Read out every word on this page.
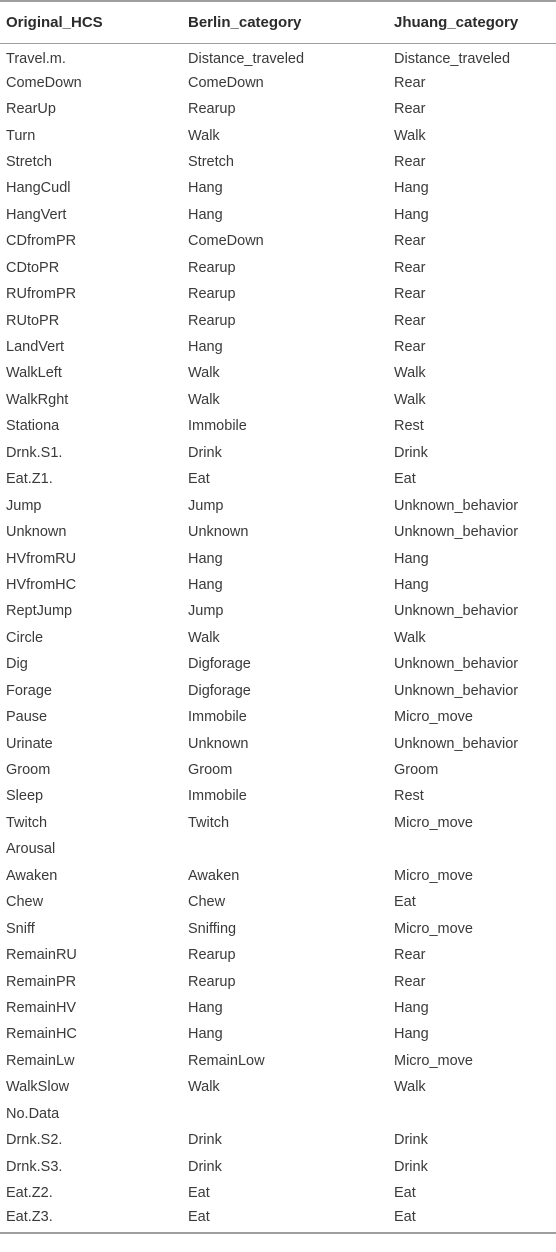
Original_HCS	Berlin_category	Jhuang_category
Travel.m.	Distance_traveled	Distance_traveled
ComeDown	ComeDown	Rear
RearUp	Rearup	Rear
Turn	Walk	Walk
Stretch	Stretch	Rear
HangCudl	Hang	Hang
HangVert	Hang	Hang
CDfromPR	ComeDown	Rear
CDtoPR	Rearup	Rear
RUfromPR	Rearup	Rear
RUtoPR	Rearup	Rear
LandVert	Hang	Rear
WalkLeft	Walk	Walk
WalkRght	Walk	Walk
Stationa	Immobile	Rest
Drnk.S1.	Drink	Drink
Eat.Z1.	Eat	Eat
Jump	Jump	Unknown_behavior
Unknown	Unknown	Unknown_behavior
HVfromRU	Hang	Hang
HVfromHC	Hang	Hang
ReptJump	Jump	Unknown_behavior
Circle	Walk	Walk
Dig	Digforage	Unknown_behavior
Forage	Digforage	Unknown_behavior
Pause	Immobile	Micro_move
Urinate	Unknown	Unknown_behavior
Groom	Groom	Groom
Sleep	Immobile	Rest
Twitch	Twitch	Micro_move
Arousal		
Awaken	Awaken	Micro_move
Chew	Chew	Eat
Sniff	Sniffing	Micro_move
RemainRU	Rearup	Rear
RemainPR	Rearup	Rear
RemainHV	Hang	Hang
RemainHC	Hang	Hang
RemainLw	RemainLow	Micro_move
WalkSlow	Walk	Walk
No.Data		
Drnk.S2.	Drink	Drink
Drnk.S3.	Drink	Drink
Eat.Z2.	Eat	Eat
Eat.Z3.	Eat	Eat
